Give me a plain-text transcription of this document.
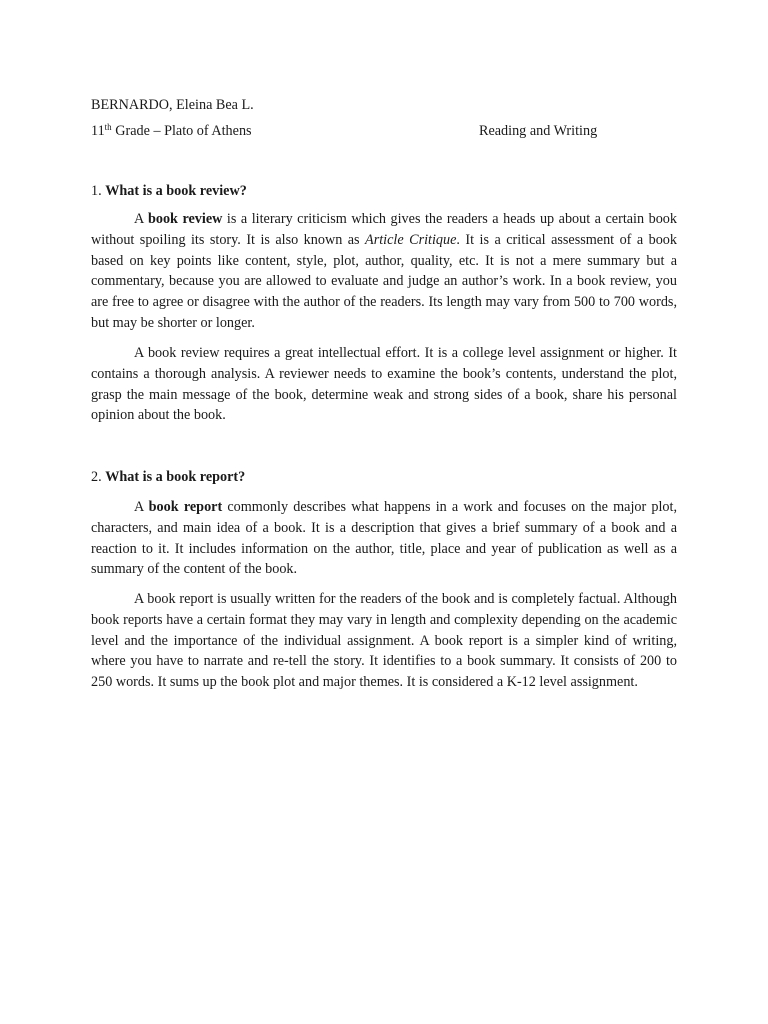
BERNARDO, Eleina Bea L.
11th Grade – Plato of Athens	Reading and Writing
1. What is a book review?
A book review is a literary criticism which gives the readers a heads up about a certain book without spoiling its story. It is also known as Article Critique. It is a critical assessment of a book based on key points like content, style, plot, author, quality, etc. It is not a mere summary but a commentary, because you are allowed to evaluate and judge an author’s work. In a book review, you are free to agree or disagree with the author of the readers. Its length may vary from 500 to 700 words, but may be shorter or longer.
A book review requires a great intellectual effort. It is a college level assignment or higher. It contains a thorough analysis. A reviewer needs to examine the book’s contents, understand the plot, grasp the main message of the book, determine weak and strong sides of a book, share his personal opinion about the book.
2. What is a book report?
A book report commonly describes what happens in a work and focuses on the major plot, characters, and main idea of a book. It is a description that gives a brief summary of a book and a reaction to it. It includes information on the author, title, place and year of publication as well as a summary of the content of the book.
A book report is usually written for the readers of the book and is completely factual. Although book reports have a certain format they may vary in length and complexity depending on the academic level and the importance of the individual assignment. A book report is a simpler kind of writing, where you have to narrate and re-tell the story. It identifies to a book summary. It consists of 200 to 250 words. It sums up the book plot and major themes. It is considered a K-12 level assignment.
